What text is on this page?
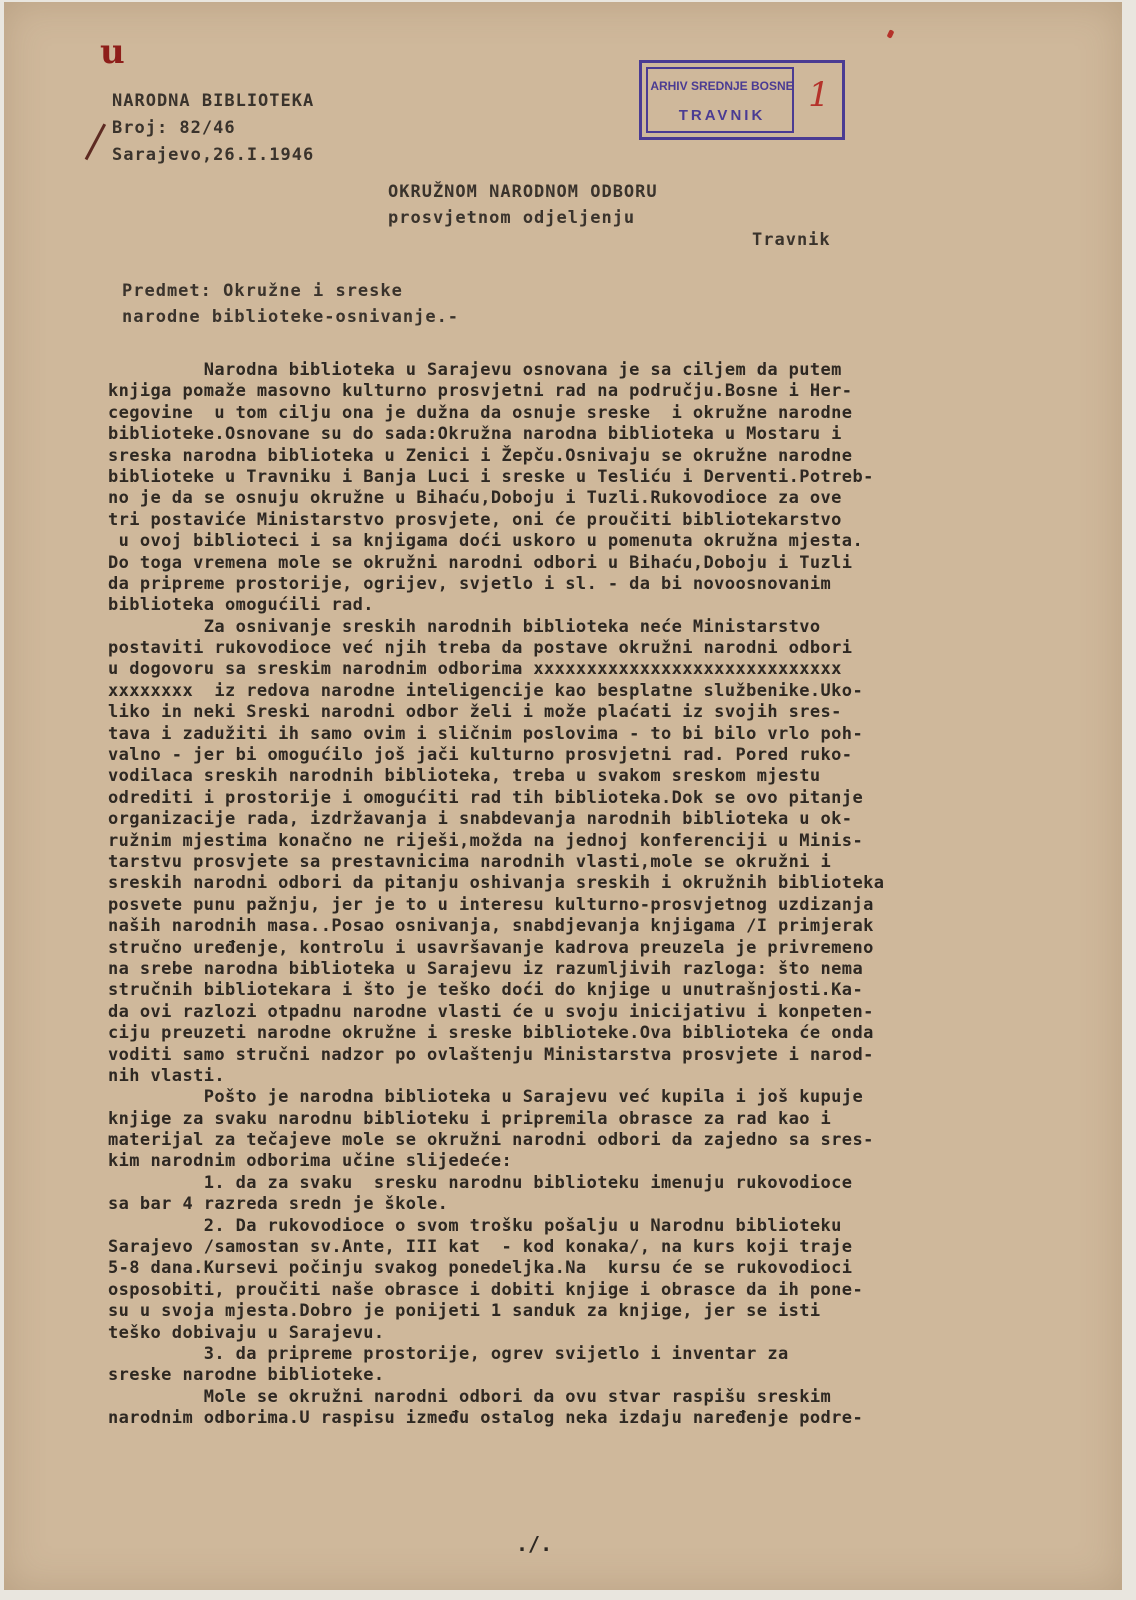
u
NARODNA BIBLIOTEKA
Broj: 82/46
Sarajevo,26.I.1946
ARHIV SREDNJE BOSNE
TRAVNIK
1
OKRUŽNOM NARODNOM ODBORU
prosvjetnom odjeljenju
Travnik
Predmet: Okružne i sreske
narodne biblioteke-osnivanje.-
Narodna biblioteka u Sarajevu osnovana je sa ciljem da putem
knjiga pomaže masovno kulturno prosvjetni rad na području.Bosne i Her-
cegovine  u tom cilju ona je dužna da osnuje sreske  i okružne narodne
biblioteke.Osnovane su do sada:Okružna narodna biblioteka u Mostaru i
sreska narodna biblioteka u Zenici i Žepču.Osnivaju se okružne narodne
biblioteke u Travniku i Banja Luci i sreske u Tesliću i Derventi.Potreb-
no je da se osnuju okružne u Bihaću,Doboju i Tuzli.Rukovodioce za ove
tri postaviće Ministarstvo prosvjete, oni će proučiti bibliotekarstvo
u ovoj biblioteci i sa knjigama doći uskoro u pomenuta okružna mjesta.
Do toga vremena mole se okružni narodni odbori u Bihaću,Doboju i Tuzli
da pripreme prostorije, ogrijev, svjetlo i sl. - da bi novoosnovanim
biblioteka omogućili rad.
Za osnivanje sreskih narodnih biblioteka neće Ministarstvo
postaviti rukovodioce već njih treba da postave okružni narodni odbori
u dogovoru sa sreskim narodnim odborima xxxxxxxxxxxxxxxxxxxxxxxxxxxxx
xxxxxxxx  iz redova narodne inteligencije kao besplatne službenike.Uko-
liko in neki Sreski narodni odbor želi i može plaćati iz svojih sres-
tava i zadužiti ih samo ovim i sličnim poslovima - to bi bilo vrlo poh-
valno - jer bi omogućilo još jači kulturno prosvjetni rad. Pored ruko-
vodilaca sreskih narodnih biblioteka, treba u svakom sreskom mjestu
odrediti i prostorije i omogućiti rad tih biblioteka.Dok se ovo pitanje
organizacije rada, izdržavanja i snabdevanja narodnih biblioteka u ok-
ružnim mjestima konačno ne riješi,možda na jednoj konferenciji u Minis-
tarstvu prosvjete sa prestavnicima narodnih vlasti,mole se okružni i
sreskih narodni odbori da pitanju oshivanja sreskih i okružnih biblioteka
posvete punu pažnju, jer je to u interesu kulturno-prosvjetnog uzdizanja
naših narodnih masa..Posao osnivanja, snabdjevanja knjigama /I primjerak
stručno uređenje, kontrolu i usavršavanje kadrova preuzela je privremeno
na srebe narodna biblioteka u Sarajevu iz razumljivih razloga: što nema
stručnih bibliotekara i što je teško doći do knjige u unutrašnjosti.Ka-
da ovi razlozi otpadnu narodne vlasti će u svoju inicijativu i konpeten-
ciju preuzeti narodne okružne i sreske biblioteke.Ova biblioteka će onda
voditi samo stručni nadzor po ovlaštenju Ministarstva prosvjete i narod-
nih vlasti.
Pošto je narodna biblioteka u Sarajevu već kupila i još kupuje
knjige za svaku narodnu biblioteku i pripremila obrasce za rad kao i
materijal za tečajeve mole se okružni narodni odbori da zajedno sa sres-
kim narodnim odborima učine slijedeće:
1. da za svaku  sresku narodnu biblioteku imenuju rukovodioce
sa bar 4 razreda sredn je škole.
2. Da rukovodioce o svom trošku pošalju u Narodnu biblioteku
Sarajevo /samostan sv.Ante, III kat  - kod konaka/, na kurs koji traje
5-8 dana.Kursevi počinju svakog ponedeljka.Na  kursu će se rukovodioci
osposobiti, proučiti naše obrasce i dobiti knjige i obrasce da ih pone-
su u svoja mjesta.Dobro je ponijeti 1 sanduk za knjige, jer se isti
teško dobivaju u Sarajevu.
3. da pripreme prostorije, ogrev svijetlo i inventar za
sreske narodne biblioteke.
Mole se okružni narodni odbori da ovu stvar raspišu sreskim
narodnim odborima.U raspisu između ostalog neka izdaju naređenje podre-
./.
